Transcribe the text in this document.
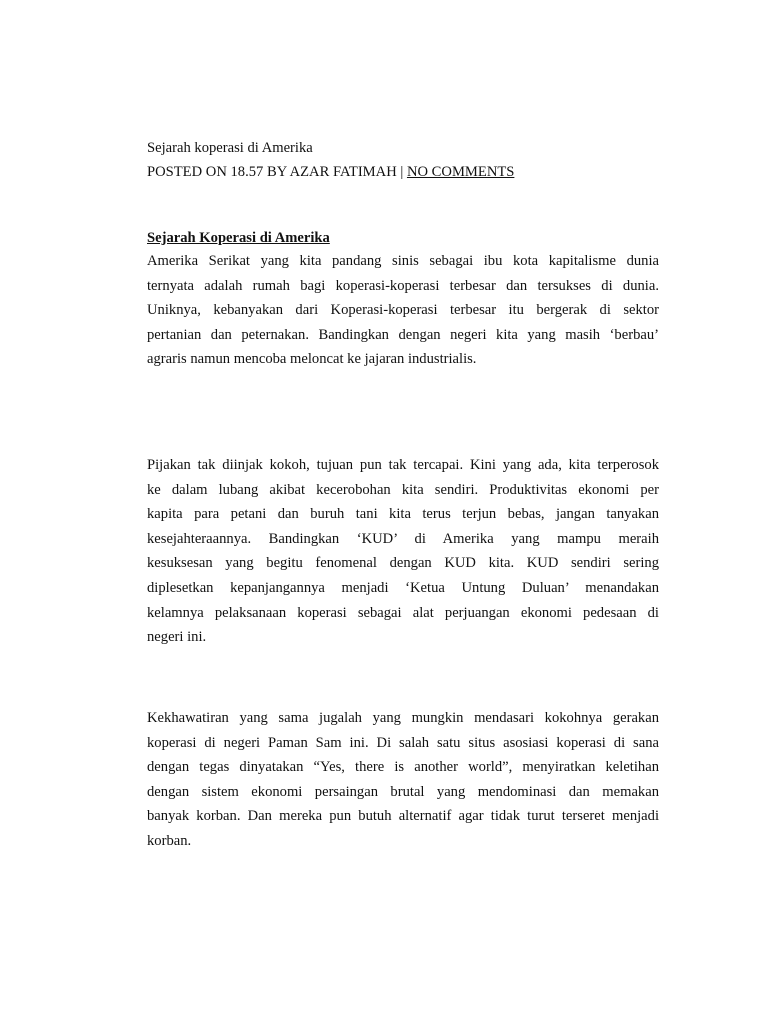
Sejarah koperasi di Amerika
POSTED ON 18.57 BY AZAR FATIMAH | NO COMMENTS
Sejarah Koperasi di Amerika
Amerika Serikat yang kita pandang sinis sebagai ibu kota kapitalisme dunia
ternyata adalah rumah bagi koperasi-koperasi terbesar dan tersukses di dunia.
Uniknya, kebanyakan dari Koperasi-koperasi terbesar itu bergerak di sektor
pertanian dan peternakan. Bandingkan dengan negeri kita yang masih ‘berbau’
agraris namun mencoba meloncat ke jajaran industrialis.
Pijakan tak diinjak kokoh, tujuan pun tak tercapai. Kini yang ada, kita terperosok
ke dalam lubang akibat kecerobohan kita sendiri. Produktivitas ekonomi per
kapita para petani dan buruh tani kita terus terjun bebas, jangan tanyakan
kesejahteraannya. Bandingkan ‘KUD’ di Amerika yang mampu meraih
kesuksesan yang begitu fenomenal dengan KUD kita. KUD sendiri sering
diplesetkan kepanjangannya menjadi ‘Ketua Untung Duluan’ menandakan
kelamnya pelaksanaan koperasi sebagai alat perjuangan ekonomi pedesaan di
negeri ini.
Kekhawatiran yang sama jugalah yang mungkin mendasari kokohnya gerakan
koperasi di negeri Paman Sam ini. Di salah satu situs asosiasi koperasi di sana
dengan tegas dinyatakan “Yes, there is another world”, menyiratkan keletihan
dengan sistem ekonomi persaingan brutal yang mendominasi dan memakan
banyak korban. Dan mereka pun butuh alternatif agar tidak turut terseret menjadi
korban.
